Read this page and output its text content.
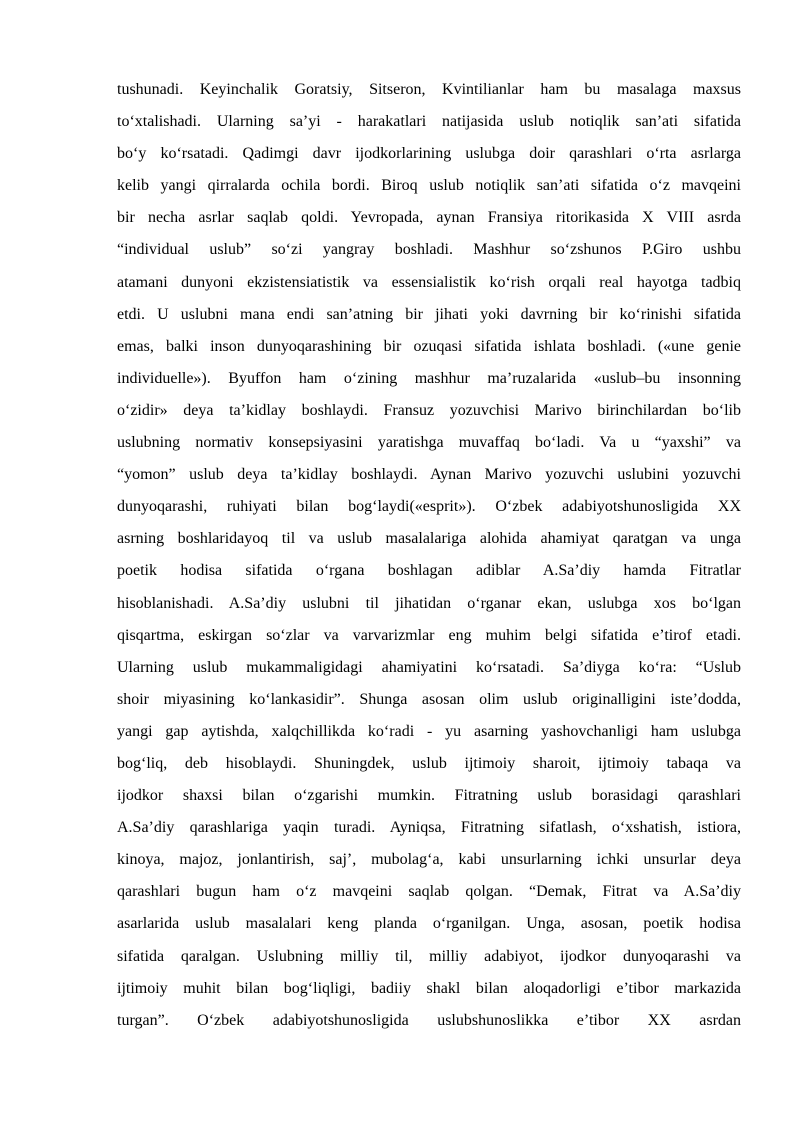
tushunadi. Keyinchalik Goratsiy, Sitseron, Kvintilianlar ham bu masalaga maxsus
to‘xtalishadi. Ularning sa’yi - harakatlari natijasida uslub notiqlik san’ati sifatida
bo‘y ko‘rsatadi. Qadimgi davr ijodkorlarining uslubga doir qarashlari o‘rta asrlarga
kelib yangi qirralarda ochila bordi. Biroq uslub notiqlik san’ati sifatida o‘z mavqeini
bir necha asrlar saqlab qoldi. Yevropada, aynan Fransiya ritorikasida X VIII asrda
“individual uslub” so‘zi yangray boshladi. Mashhur so‘zshunos P.Giro ushbu
atamani dunyoni ekzistensiatistik va essensialistik ko‘rish orqali real hayotga tadbiq
etdi. U uslubni mana endi san’atning bir jihati yoki davrning bir ko‘rinishi sifatida
emas, balki inson dunyoqarashining bir ozuqasi sifatida ishlata boshladi. («une genie
individuelle»). Byuffon ham o‘zining mashhur ma’ruzalarida «uslub–bu insonning
o‘zidir» deya ta’kidlay boshlaydi. Fransuz yozuvchisi Marivo birinchilardan bo‘lib
uslubning normativ konsepsiyasini yaratishga muvaffaq bo‘ladi. Va u “yaxshi” va
“yomon” uslub deya ta’kidlay boshlaydi. Aynan Marivo yozuvchi uslubini yozuvchi
dunyoqarashi, ruhiyati bilan bog‘laydi(«esprit»). O‘zbek adabiyotshunosligida XX
asrning boshlaridayoq til va uslub masalalariga alohida ahamiyat qaratgan va unga
poetik hodisa sifatida o‘rgana boshlagan adiblar A.Sa’diy hamda Fitratlar
hisoblanishadi. A.Sa’diy uslubni til jihatidan o‘rganar ekan, uslubga xos bo‘lgan
qisqartma, eskirgan so‘zlar va varvarizmlar eng muhim belgi sifatida e’tirof etadi.
Ularning uslub mukammaligidagi ahamiyatini ko‘rsatadi. Sa’diyga ko‘ra: “Uslub
shoir miyasining ko‘lankasidir”. Shunga asosan olim uslub originalligini iste’dodda,
yangi gap aytishda, xalqchillikda ko‘radi - yu asarning yashovchanligi ham uslubga
bog‘liq, deb hisoblaydi. Shuningdek, uslub ijtimoiy sharoit, ijtimoiy tabaqa va
ijodkor shaxsi bilan o‘zgarishi mumkin. Fitratning uslub borasidagi qarashlari
A.Sa’diy qarashlariga yaqin turadi. Ayniqsa, Fitratning sifatlash, o‘xshatish, istiora,
kinoya, majoz, jonlantirish, saj’, mubolag‘a, kabi unsurlarning ichki unsurlar deya
qarashlari bugun ham o‘z mavqeini saqlab qolgan. “Demak, Fitrat va A.Sa’diy
asarlarida uslub masalalari keng planda o‘rganilgan. Unga, asosan, poetik hodisa
sifatida qaralgan. Uslubning milliy til, milliy adabiyot, ijodkor dunyoqarashi va
ijtimoiy muhit bilan bog‘liqligi, badiiy shakl bilan aloqadorligi e’tibor markazida
turgan”. O‘zbek adabiyotshunosligida uslubshunoslikka e’tibor XX asrdan
